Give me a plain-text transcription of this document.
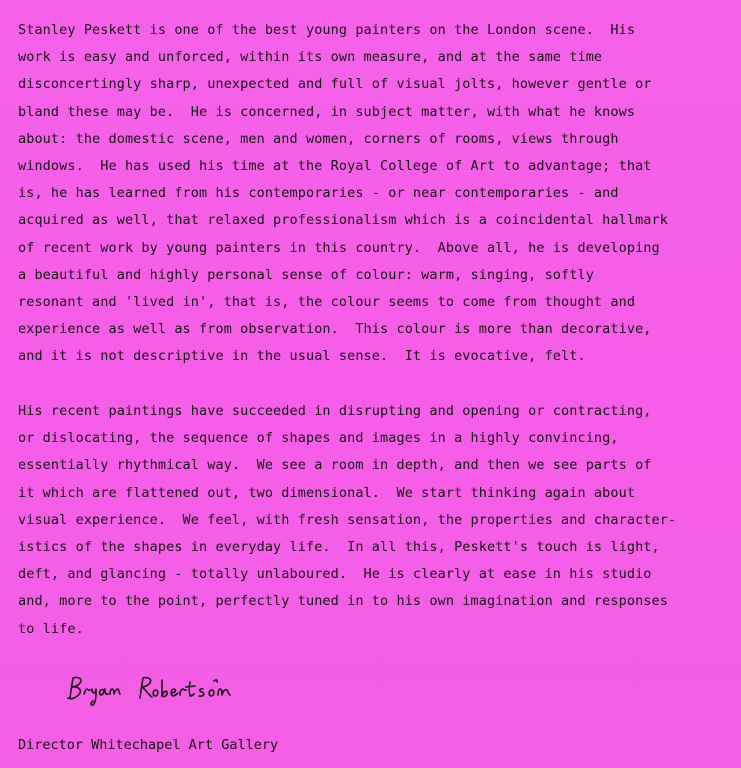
Stanley Peskett is one of the best young painters on the London scene.  His
work is easy and unforced, within its own measure, and at the same time
disconcertingly sharp, unexpected and full of visual jolts, however gentle or
bland these may be.  He is concerned, in subject matter, with what he knows
about: the domestic scene, men and women, corners of rooms, views through
windows.  He has used his time at the Royal College of Art to advantage; that
is, he has learned from his contemporaries - or near contemporaries - and
acquired as well, that relaxed professionalism which is a coincidental hallmark
of recent work by young painters in this country.  Above all, he is developing
a beautiful and highly personal sense of colour: warm, singing, softly
resonant and 'lived in', that is, the colour seems to come from thought and
experience as well as from observation.  This colour is more than decorative,
and it is not descriptive in the usual sense.  It is evocative, felt.
His recent paintings have succeeded in disrupting and opening or contracting,
or dislocating, the sequence of shapes and images in a highly convincing,
essentially rhythmical way.  We see a room in depth, and then we see parts of
it which are flattened out, two dimensional.  We start thinking again about
visual experience.  We feel, with fresh sensation, the properties and character-
istics of the shapes in everyday life.  In all this, Peskett's touch is light,
deft, and glancing - totally unlaboured.  He is clearly at ease in his studio
and, more to the point, perfectly tuned in to his own imagination and responses
to life.
Director Whitechapel Art Gallery
